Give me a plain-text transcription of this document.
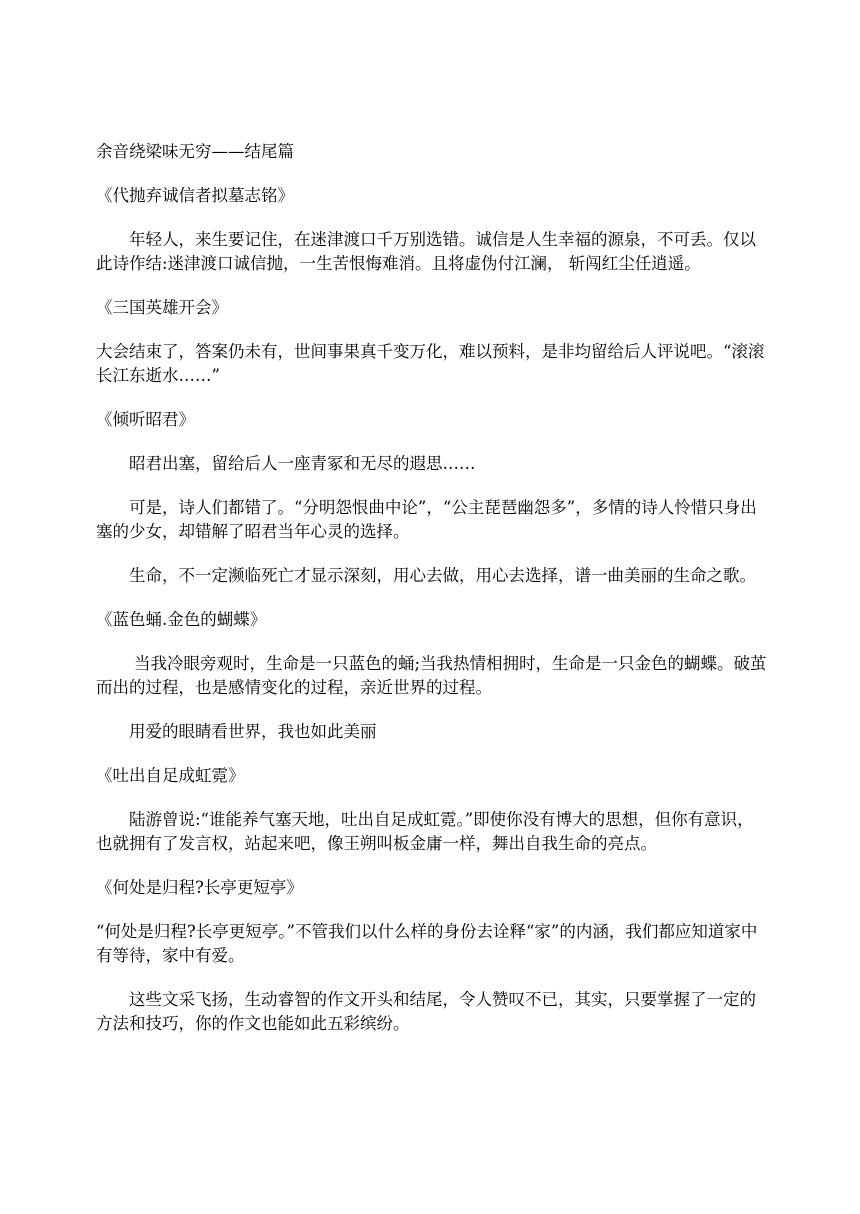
余音绕梁味无穷——结尾篇
《代抛弃诚信者拟墓志铭》
年轻人，来生要记住，在迷津渡口千万别选错。诚信是人生幸福的源泉，不可丢。仅以此诗作结:迷津渡口诚信抛，一生苦恨悔难消。且将虚伪付江澜， 斩闯红尘任逍遥。
《三国英雄开会》
大会结束了，答案仍未有，世间事果真千变万化，难以预料，是非均留给后人评说吧。“滚滚长江东逝水……”
《倾听昭君》
昭君出塞，留给后人一座青冢和无尽的遐思……
可是，诗人们都错了。“分明怨恨曲中论”，“公主琵琶幽怨多”，多情的诗人怜惜只身出塞的少女，却错解了昭君当年心灵的选择。
生命，不一定濒临死亡才显示深刻，用心去做，用心去选择，谱一曲美丽的生命之歌。
《蓝色蛹.金色的蝴蝶》
当我冷眼旁观时，生命是一只蓝色的蛹;当我热情相拥时，生命是一只金色的蝴蝶。破茧而出的过程，也是感情变化的过程，亲近世界的过程。
用爱的眼睛看世界，我也如此美丽
《吐出自足成虹霓》
陆游曾说:“谁能养气塞天地，吐出自足成虹霓。”即使你没有博大的思想，但你有意识，也就拥有了发言权，站起来吧，像王朔叫板金庸一样，舞出自我生命的亮点。
《何处是归程?长亭更短亭》
“何处是归程?长亭更短亭。”不管我们以什么样的身份去诠释“家”的内涵，我们都应知道家中有等待，家中有爱。
这些文采飞扬，生动睿智的作文开头和结尾，令人赞叹不已，其实，只要掌握了一定的方法和技巧，你的作文也能如此五彩缤纷。
